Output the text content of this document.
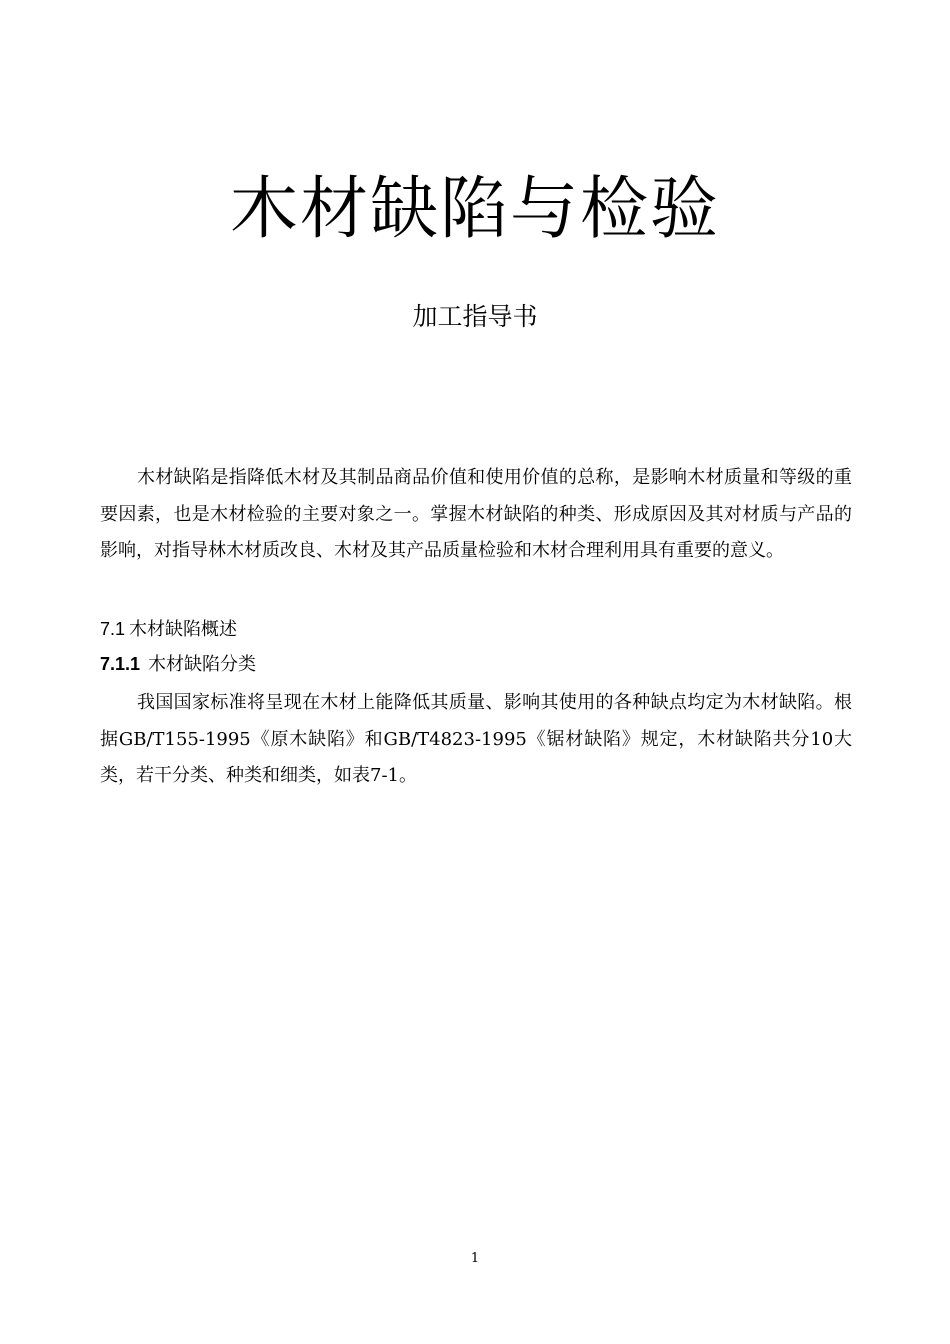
木材缺陷与检验

加工指导书

木材缺陷是指降低木材及其制品商品价值和使用价值的总称，是影响木材质量和等级的重要因素，也是木材检验的主要对象之一。掌握木材缺陷的种类、形成原因及其对材质与产品的影响，对指导林木材质改良、木材及其产品质量检验和木材合理利用具有重要的意义。

7.1 木材缺陷概述

7.1.1 木材缺陷分类

我国国家标准将呈现在木材上能降低其质量、影响其使用的各种缺点均定为木材缺陷。根据GB/T155-1995《原木缺陷》和GB/T4823-1995《锯材缺陷》规定，木材缺陷共分10大类，若干分类、种类和细类，如表7-1。

1
